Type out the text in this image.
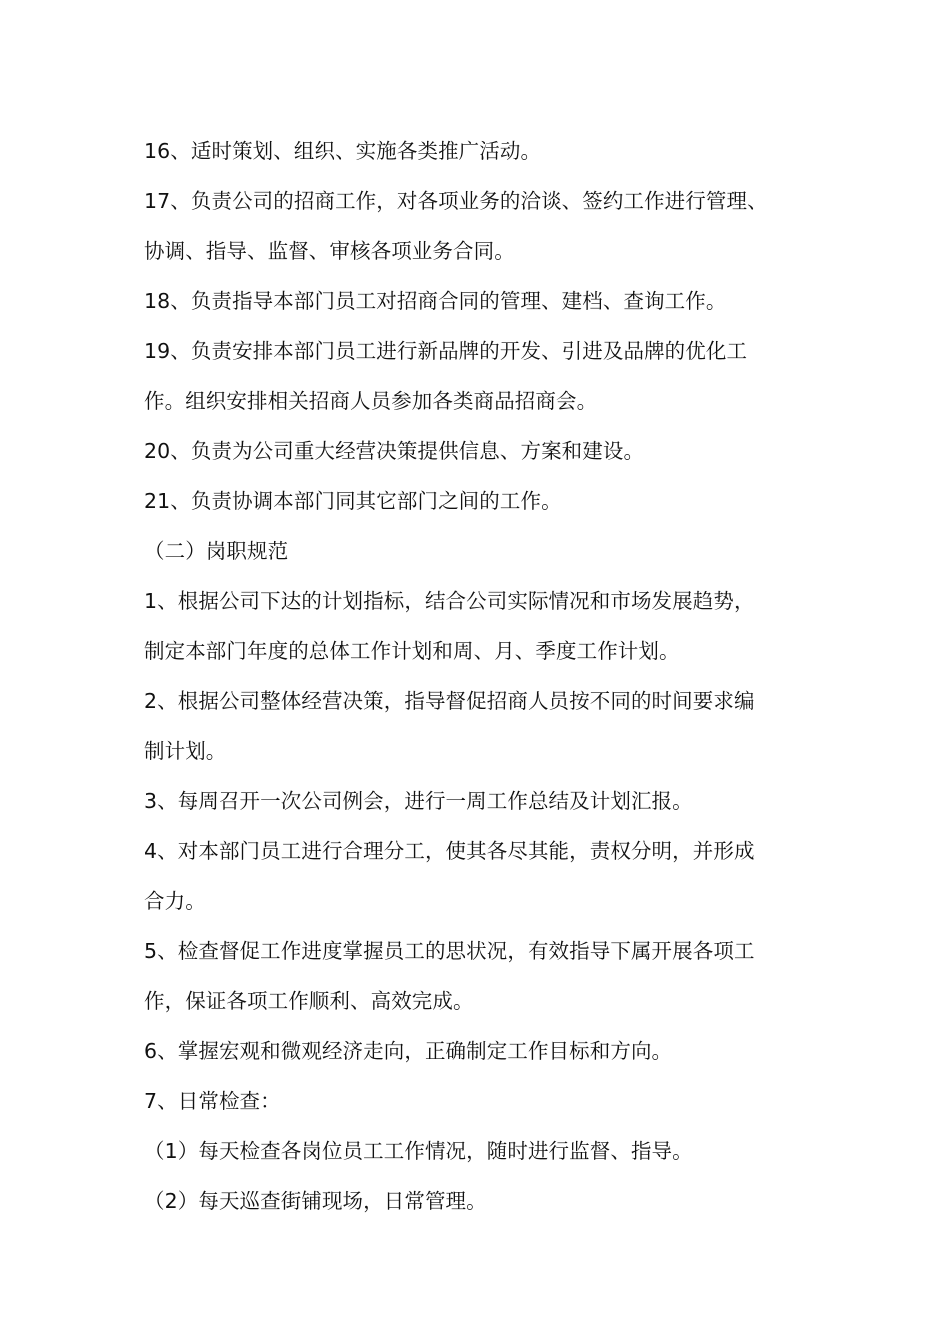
16、适时策划、组织、实施各类推广活动。
17、负责公司的招商工作，对各项业务的洽谈、签约工作进行管理、
协调、指导、监督、审核各项业务合同。
18、负责指导本部门员工对招商合同的管理、建档、查询工作。
19、负责安排本部门员工进行新品牌的开发、引进及品牌的优化工
作。组织安排相关招商人员参加各类商品招商会。
20、负责为公司重大经营决策提供信息、方案和建设。
21、负责协调本部门同其它部门之间的工作。
（二）岗职规范
1、根据公司下达的计划指标，结合公司实际情况和市场发展趋势，
制定本部门年度的总体工作计划和周、月、季度工作计划。
2、根据公司整体经营决策，指导督促招商人员按不同的时间要求编
制计划。
3、每周召开一次公司例会，进行一周工作总结及计划汇报。
4、对本部门员工进行合理分工，使其各尽其能，责权分明，并形成
合力。
5、检查督促工作进度掌握员工的思状况，有效指导下属开展各项工
作，保证各项工作顺利、高效完成。
6、掌握宏观和微观经济走向，正确制定工作目标和方向。
7、日常检查：
（1）每天检查各岗位员工工作情况，随时进行监督、指导。
（2）每天巡查街铺现场，日常管理。
